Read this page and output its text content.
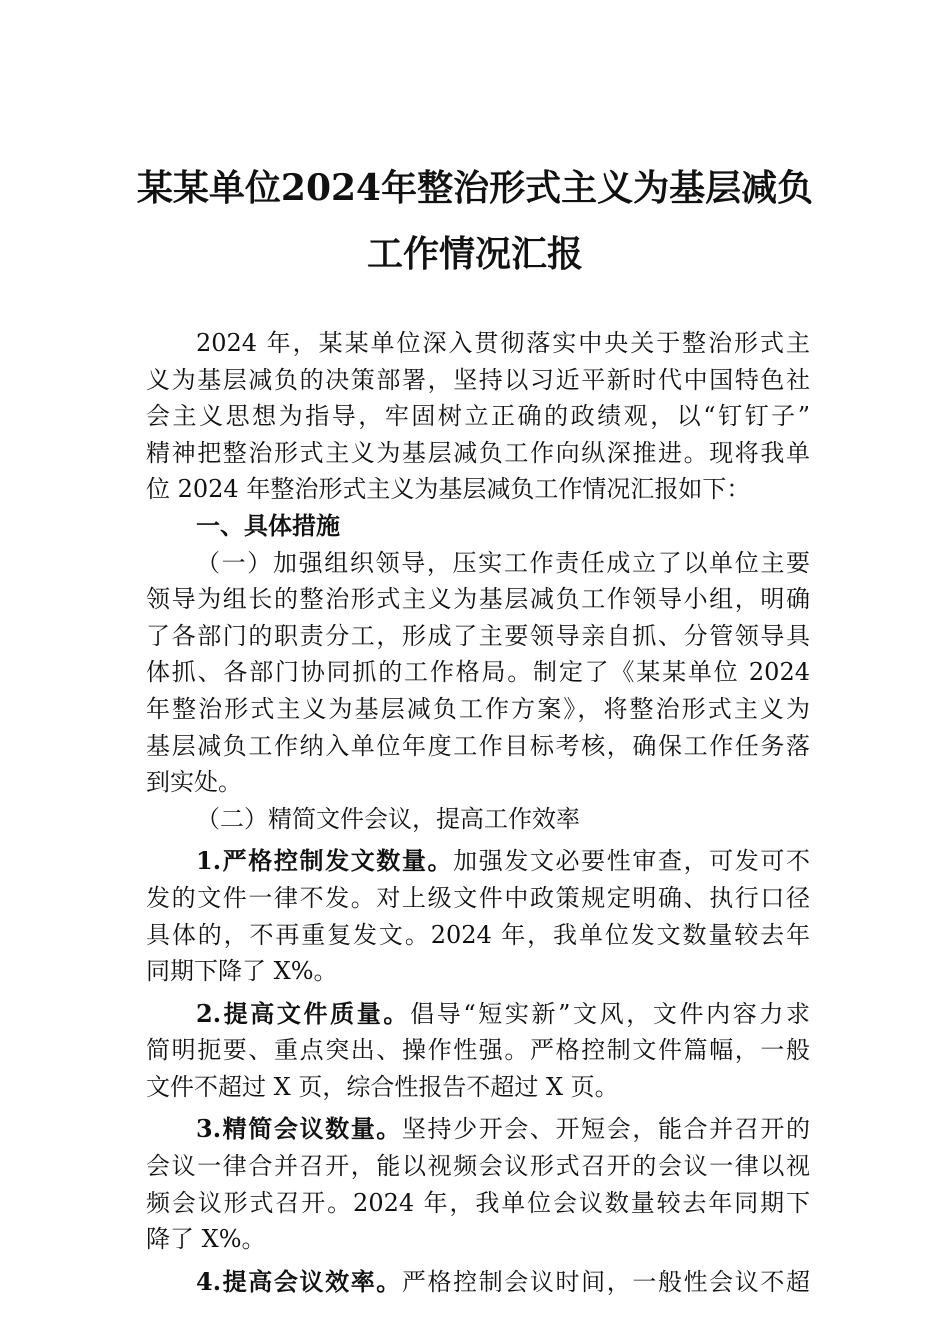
某某单位2024年整治形式主义为基层减负
工作情况汇报
2024 年，某某单位深入贯彻落实中央关于整治形式主
义为基层减负的决策部署，坚持以习近平新时代中国特色社
会主义思想为指导，牢固树立正确的政绩观，以“钉钉子”
精神把整治形式主义为基层减负工作向纵深推进。现将我单
位 2024 年整治形式主义为基层减负工作情况汇报如下：
一、具体措施
（一）加强组织领导，压实工作责任成立了以单位主要
领导为组长的整治形式主义为基层减负工作领导小组，明确
了各部门的职责分工，形成了主要领导亲自抓、分管领导具
体抓、各部门协同抓的工作格局。制定了《某某单位 2024
年整治形式主义为基层减负工作方案》，将整治形式主义为
基层减负工作纳入单位年度工作目标考核，确保工作任务落
到实处。
（二）精简文件会议，提高工作效率
1.严格控制发文数量。加强发文必要性审查，可发可不
发的文件一律不发。对上级文件中政策规定明确、执行口径
具体的，不再重复发文。2024 年，我单位发文数量较去年
同期下降了 X%。
2.提高文件质量。倡导“短实新”文风，文件内容力求
简明扼要、重点突出、操作性强。严格控制文件篇幅，一般
文件不超过 X 页，综合性报告不超过 X 页。
3.精简会议数量。坚持少开会、开短会，能合并召开的
会议一律合并召开，能以视频会议形式召开的会议一律以视
频会议形式召开。2024 年，我单位会议数量较去年同期下
降了 X%。
4.提高会议效率。严格控制会议时间，一般性会议不超
